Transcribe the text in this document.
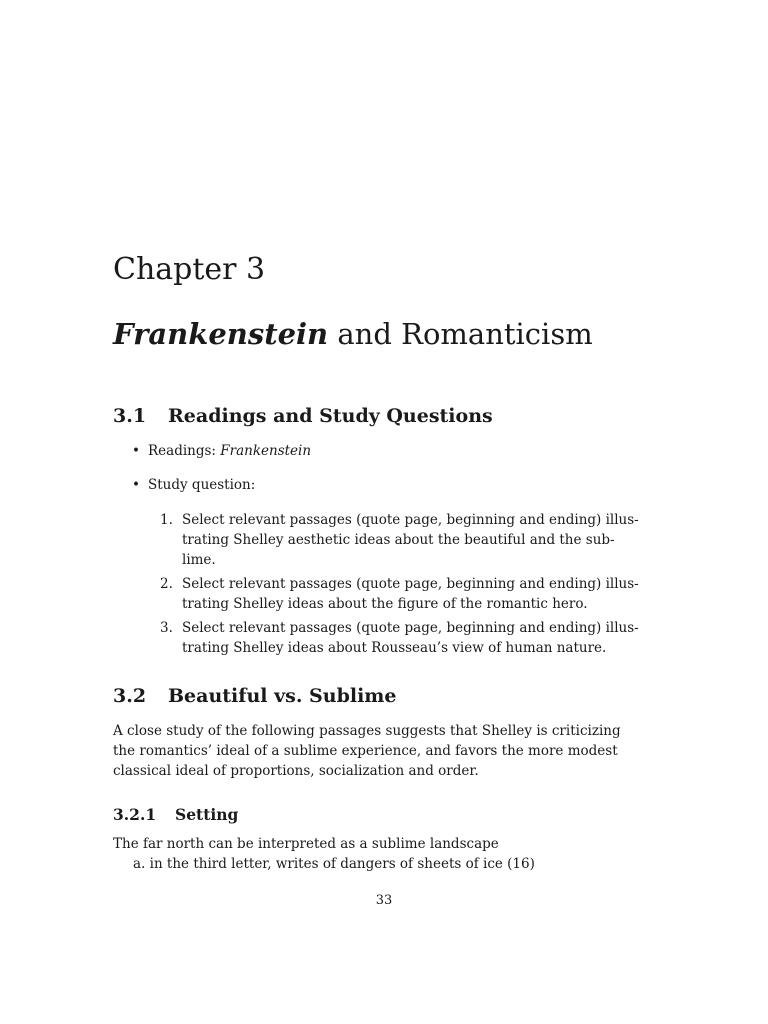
Chapter 3
Frankenstein and Romanticism
3.1 Readings and Study Questions
• Readings: Frankenstein
• Study question:
1. Select relevant passages (quote page, beginning and ending) illus-
trating Shelley aesthetic ideas about the beautiful and the sub-
lime.
2. Select relevant passages (quote page, beginning and ending) illus-
trating Shelley ideas about the figure of the romantic hero.
3. Select relevant passages (quote page, beginning and ending) illus-
trating Shelley ideas about Rousseau’s view of human nature.
3.2 Beautiful vs. Sublime

A close study of the following passages suggests that Shelley is criticizing
the romantics’ ideal of a sublime experience, and favors the more modest
classical ideal of proportions, socialization and order.

3.2.1 Setting

The far north can be interpreted as a sublime landscape

a. in the third letter, writes of dangers of sheets of ice (16)

33
